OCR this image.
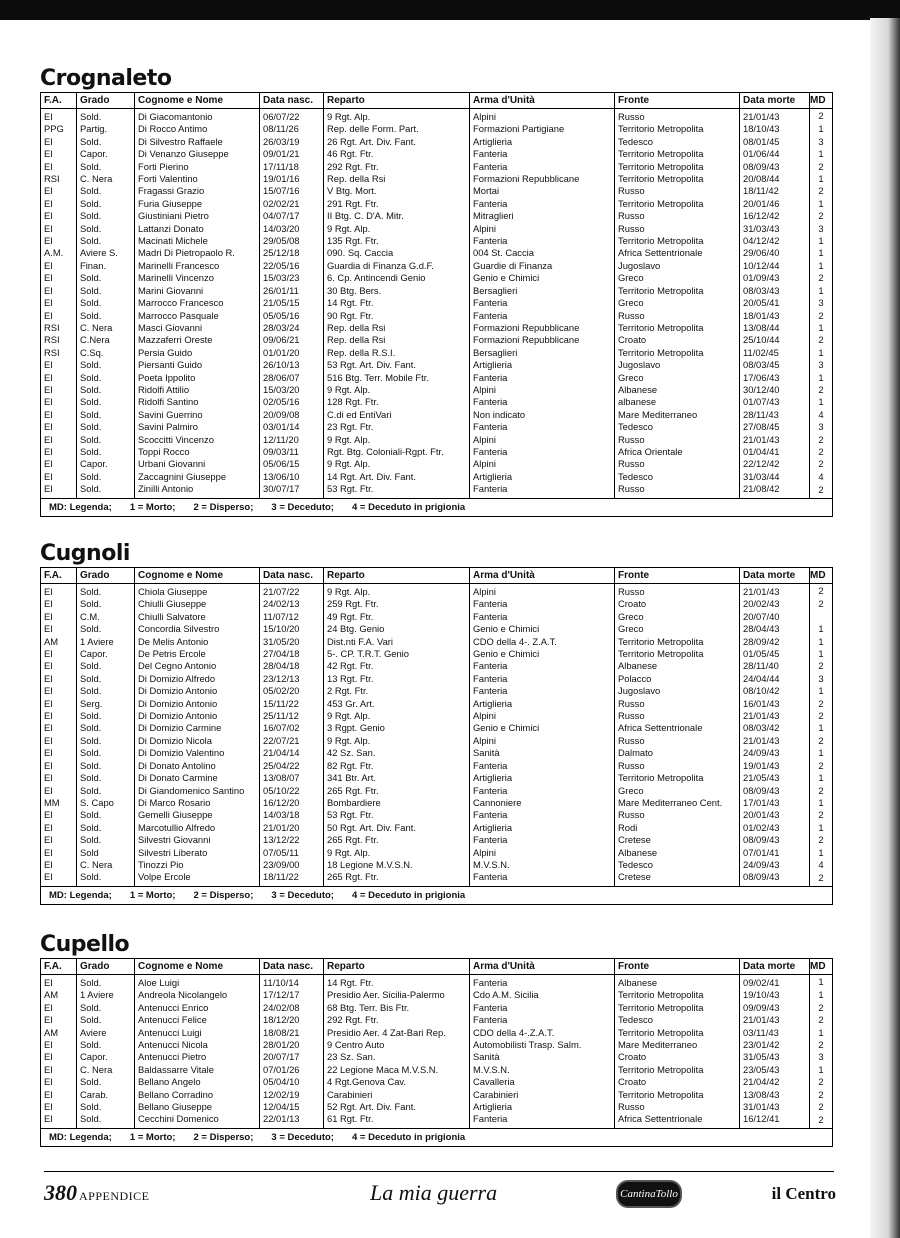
Crognaleto
F.A.	Grado	Cognome e Nome	Data nasc.	Reparto	Arma d'Unità	Fronte	Data morte	MD
EI	Sold.	Di Giacomantonio	06/07/22	9 Rgt. Alp.	Alpini	Russo	21/01/43	2
PPG	Partig.	Di Rocco Antimo	08/11/26	Rep. delle Form. Part.	Formazioni Partigiane	Territorio Metropolita	18/10/43	1
EI	Sold.	Di Silvestro Raffaele	26/03/19	26 Rgt. Art. Div. Fant.	Artiglieria	Tedesco	08/01/45	3
EI	Capor.	Di Venanzo Giuseppe	09/01/21	46 Rgt. Ftr.	Fanteria	Territorio Metropolita	01/06/44	1
EI	Sold.	Forti Pierino	17/11/18	292 Rgt. Ftr.	Fanteria	Territorio Metropolita	08/09/43	2
RSI	C. Nera	Forti Valentino	19/01/16	Rep. della Rsi	Formazioni Repubblicane	Territorio Metropolita	20/08/44	1
EI	Sold.	Fragassi Grazio	15/07/16	V Btg. Mort.	Mortai	Russo	18/11/42	2
EI	Sold.	Furia Giuseppe	02/02/21	291 Rgt. Ftr.	Fanteria	Territorio Metropolita	20/01/46	1
EI	Sold.	Giustiniani Pietro	04/07/17	II Btg. C. D'A. Mitr.	Mitraglieri	Russo	16/12/42	2
EI	Sold.	Lattanzi Donato	14/03/20	9 Rgt. Alp.	Alpini	Russo	31/03/43	3
EI	Sold.	Macinati Michele	29/05/08	135 Rgt. Ftr.	Fanteria	Territorio Metropolita	04/12/42	1
A.M.	Aviere S.	Madri Di Pietropaolo R.	25/12/18	090. Sq. Caccia	004 St. Caccia	Africa Settentrionale	29/06/40	1
EI	Finan.	Marinelli Francesco	22/05/16	Guardia di Finanza G.d.F.	Guardie di Finanza	Jugoslavo	10/12/44	1
EI	Sold.	Marinelli Vincenzo	15/03/23	6. Cp. Antincendi Genio	Genio e Chimici	Greco	01/09/43	2
EI	Sold.	Marini Giovanni	26/01/11	30 Btg. Bers.	Bersaglieri	Territorio Metropolita	08/03/43	1
EI	Sold.	Marrocco Francesco	21/05/15	14 Rgt. Ftr.	Fanteria	Greco	20/05/41	3
EI	Sold.	Marrocco Pasquale	05/05/16	90 Rgt. Ftr.	Fanteria	Russo	18/01/43	2
RSI	C. Nera	Masci Giovanni	28/03/24	Rep. della Rsi	Formazioni Repubblicane	Territorio Metropolita	13/08/44	1
RSI	C.Nera	Mazzaferri Oreste	09/06/21	Rep. della Rsi	Formazioni Repubblicane	Croato	25/10/44	2
RSI	C.Sq.	Persia Guido	01/01/20	Rep. della R.S.I.	Bersaglieri	Territorio Metropolita	11/02/45	1
EI	Sold.	Piersanti Guido	26/10/13	53 Rgt. Art. Div. Fant.	Artiglieria	Jugoslavo	08/03/45	3
EI	Sold.	Poeta Ippolito	28/06/07	516 Btg. Terr. Mobile Ftr.	Fanteria	Greco	17/06/43	1
EI	Sold.	Ridolfi Attilio	15/03/20	9 Rgt. Alp.	Alpini	Albanese	30/12/40	2
EI	Sold.	Ridolfi Santino	02/05/16	128 Rgt. Ftr.	Fanteria	albanese	01/07/43	1
EI	Sold.	Savini Guerrino	20/09/08	C.di ed EntiVari	Non indicato	Mare Mediterraneo	28/11/43	4
EI	Sold.	Savini Palmiro	03/01/14	23 Rgt. Ftr.	Fanteria	Tedesco	27/08/45	3
EI	Sold.	Scoccitti Vincenzo	12/11/20	9 Rgt. Alp.	Alpini	Russo	21/01/43	2
EI	Sold.	Toppi Rocco	09/03/11	Rgt. Btg. Coloniali-Rgpt. Ftr.	Fanteria	Africa Orientale	01/04/41	2
EI	Capor.	Urbani Giovanni	05/06/15	9 Rgt. Alp.	Alpini	Russo	22/12/42	2
EI	Sold.	Zaccagnini Giuseppe	13/06/10	14 Rgt. Art. Div. Fant.	Artiglieria	Tedesco	31/03/44	4
EI	Sold.	Zinilli Antonio	30/07/17	53 Rgt. Ftr.	Fanteria	Russo	21/08/42	2
MD: Legenda; 1 = Morto; 2 = Disperso; 3 = Deceduto; 4 = Deceduto in prigionia
Cugnoli
F.A.	Grado	Cognome e Nome	Data nasc.	Reparto	Arma d'Unità	Fronte	Data morte	MD
EI	Sold.	Chiola Giuseppe	21/07/22	9 Rgt. Alp.	Alpini	Russo	21/01/43	2
EI	Sold.	Chiulli Giuseppe	24/02/13	259 Rgt. Ftr.	Fanteria	Croato	20/02/43	2
EI	C.M.	Chiulli Salvatore	11/07/12	49 Rgt. Ftr.	Fanteria	Greco	20/07/40	
EI	Sold.	Concordia Silvestro	15/10/20	24 Btg. Genio	Genio e Chimici	Greco	28/04/43	1
AM	1 Aviere	De Melis Antonio	31/05/20	Dist.nti F.A. Vari	CDO della 4-. Z.A.T.	Territorio Metropolita	28/09/42	1
EI	Capor.	De Petris Ercole	27/04/18	5-. CP. T.R.T. Genio	Genio e Chimici	Territorio Metropolita	01/05/45	1
EI	Sold.	Del Cegno Antonio	28/04/18	42 Rgt. Ftr.	Fanteria	Albanese	28/11/40	2
EI	Sold.	Di Domizio Alfredo	23/12/13	13 Rgt. Ftr.	Fanteria	Polacco	24/04/44	3
EI	Sold.	Di Domizio Antonio	05/02/20	2 Rgt. Ftr.	Fanteria	Jugoslavo	08/10/42	1
EI	Serg.	Di Domizio Antonio	15/11/22	453 Gr. Art.	Artiglieria	Russo	16/01/43	2
EI	Sold.	Di Domizio Antonio	25/11/12	9 Rgt. Alp.	Alpini	Russo	21/01/43	2
EI	Sold.	Di Domizio Carmine	16/07/02	3 Rgpt. Genio	Genio e Chimici	Africa Settentrionale	08/03/42	1
EI	Sold.	Di Domizio Nicola	22/07/21	9 Rgt. Alp.	Alpini	Russo	21/01/43	2
EI	Sold.	Di Domizio Valentino	21/04/14	42 Sz. San.	Sanità	Dalmato	24/09/43	1
EI	Sold.	Di Donato Antolino	25/04/22	82 Rgt. Ftr.	Fanteria	Russo	19/01/43	2
EI	Sold.	Di Donato Carmine	13/08/07	341 Btr. Art.	Artiglieria	Territorio Metropolita	21/05/43	1
EI	Sold.	Di Giandomenico Santino	05/10/22	265 Rgt. Ftr.	Fanteria	Greco	08/09/43	2
MM	S. Capo	Di Marco Rosario	16/12/20	Bombardiere	Cannoniere	Mare Mediterraneo Cent.	17/01/43	1
EI	Sold.	Gemelli Giuseppe	14/03/18	53 Rgt. Ftr.	Fanteria	Russo	20/01/43	2
EI	Sold.	Marcotullio Alfredo	21/01/20	50 Rgt. Art. Div. Fant.	Artiglieria	Rodi	01/02/43	1
EI	Sold.	Silvestri Giovanni	13/12/22	265 Rgt. Ftr.	Fanteria	Cretese	08/09/43	2
EI	Sold	Silvestri Liberato	07/05/11	9 Rgt. Alp.	Alpini	Albanese	07/01/41	1
EI	C. Nera	Tinozzi Pio	23/09/00	18 Legione M.V.S.N.	M.V.S.N.	Tedesco	24/09/43	4
EI	Sold.	Volpe Ercole	18/11/22	265 Rgt. Ftr.	Fanteria	Cretese	08/09/43	2
MD: Legenda; 1 = Morto; 2 = Disperso; 3 = Deceduto; 4 = Deceduto in prigionia
Cupello
F.A.	Grado	Cognome e Nome	Data nasc.	Reparto	Arma d'Unità	Fronte	Data morte	MD
EI	Sold.	Aloe Luigi	11/10/14	14 Rgt. Ftr.	Fanteria	Albanese	09/02/41	1
AM	1 Aviere	Andreola Nicolangelo	17/12/17	Presidio Aer. Sicilia-Palermo	Cdo A.M. Sicilia	Territorio Metropolita	19/10/43	1
EI	Sold.	Antenucci Enrico	24/02/08	68 Btg. Terr. Bis Ftr.	Fanteria	Territorio Metropolita	09/09/43	2
EI	Sold.	Antenucci Felice	18/12/20	292 Rgt. Ftr.	Fanteria	Tedesco	21/01/43	2
AM	Aviere	Antenucci Luigi	18/08/21	Presidio Aer. 4 Zat-Bari Rep.	CDO della 4-.Z.A.T.	Territorio Metropolita	03/11/43	1
EI	Sold.	Antenucci Nicola	28/01/20	9 Centro Auto	Automobilisti Trasp. Salm.	Mare Mediterraneo	23/01/42	2
EI	Capor.	Antenucci Pietro	20/07/17	23 Sz. San.	Sanità	Croato	31/05/43	3
EI	C. Nera	Baldassarre Vitale	07/01/26	22 Legione Maca M.V.S.N.	M.V.S.N.	Territorio Metropolita	23/05/43	1
EI	Sold.	Bellano Angelo	05/04/10	4 Rgt.Genova Cav.	Cavalleria	Croato	21/04/42	2
EI	Carab.	Bellano Corradino	12/02/19	Carabinieri	Carabinieri	Territorio Metropolita	13/08/43	2
EI	Sold.	Bellano Giuseppe	12/04/15	52 Rgt. Art. Div. Fant.	Artiglieria	Russo	31/01/43	2
EI	Sold.	Cecchini Domenico	22/01/13	61 Rgt. Ftr.	Fanteria	Africa Settentrionale	16/12/41	2
MD: Legenda; 1 = Morto; 2 = Disperso; 3 = Deceduto; 4 = Deceduto in prigionia
380 APPENDICE	La mia guerra	CantinaTollo	il Centro
